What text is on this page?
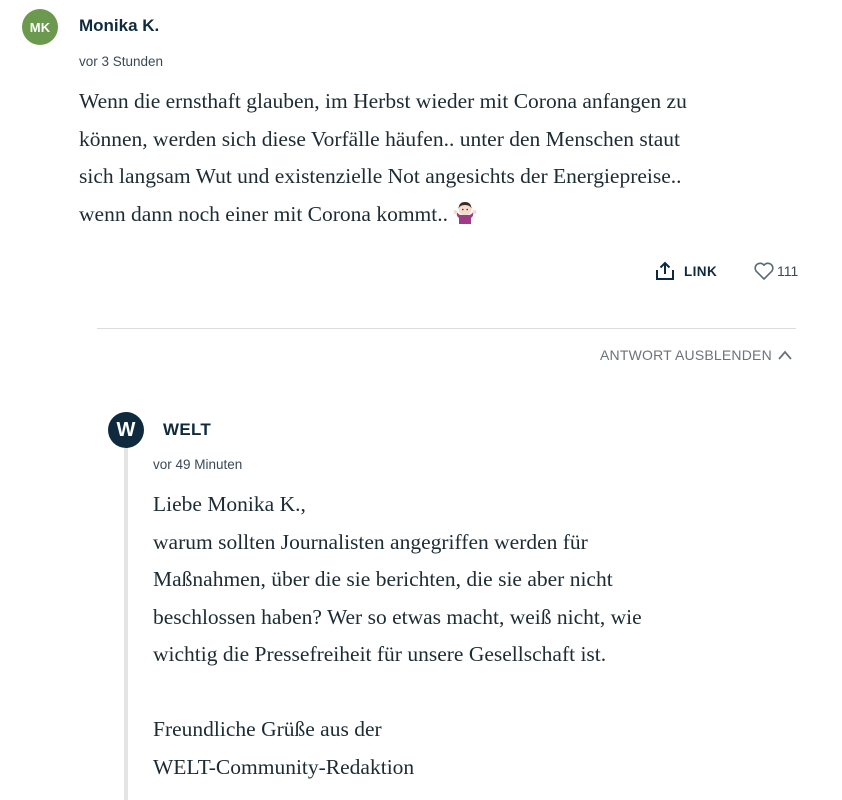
MK	Monika K.
vor 3 Stunden
Wenn die ernsthaft glauben, im Herbst wieder mit Corona anfangen zu
können, werden sich diese Vorfälle häufen.. unter den Menschen staut
sich langsam Wut und existenzielle Not angesichts der Energiepreise..
wenn dann noch einer mit Corona kommt..
LINK	111
ANTWORT AUSBLENDEN
W	WELT
vor 49 Minuten
Liebe Monika K.,
warum sollten Journalisten angegriffen werden für
Maßnahmen, über die sie berichten, die sie aber nicht
beschlossen haben? Wer so etwas macht, weiß nicht, wie
wichtig die Pressefreiheit für unsere Gesellschaft ist.
Freundliche Grüße aus der
WELT-Community-Redaktion
